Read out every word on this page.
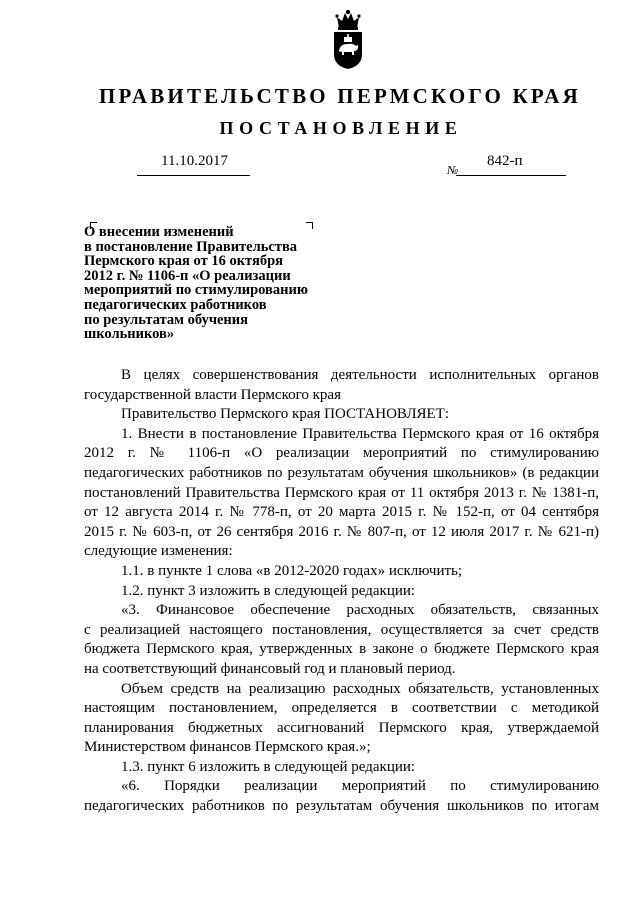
ПРАВИТЕЛЬСТВО ПЕРМСКОГО КРАЯ
ПОСТАНОВЛЕНИЕ
11.10.2017
№
842-п
О внесении изменений
в постановление Правительства
Пермского края от 16 октября
2012 г. № 1106-п «О реализации
мероприятий по стимулированию
педагогических работников
по результатам обучения
школьников»

В целях совершенствования деятельности исполнительных органов

государственной власти Пермского края

Правительство Пермского края ПОСТАНОВЛЯЕТ:

1. Внести в постановление Правительства Пермского края от 16 октября

2012 г. № 1106-п «О реализации мероприятий по стимулированию

педагогических работников по результатам обучения школьников» (в редакции

постановлений Правительства Пермского края от 11 октября 2013 г. № 1381-п,

от 12 августа 2014 г. № 778-п, от 20 марта 2015 г. № 152-п, от 04 сентября

2015 г. № 603-п, от 26 сентября 2016 г. № 807-п, от 12 июля 2017 г. № 621-п)

следующие изменения:

1.1. в пункте 1 слова «в 2012-2020 годах» исключить;

1.2. пункт 3 изложить в следующей редакции:

«3. Финансовое обеспечение расходных обязательств, связанных

с реализацией настоящего постановления, осуществляется за счет средств

бюджета Пермского края, утвержденных в законе о бюджете Пермского края

на соответствующий финансовый год и плановый период.

Объем средств на реализацию расходных обязательств, установленных

настоящим постановлением, определяется в соответствии с методикой

планирования бюджетных ассигнований Пермского края, утверждаемой

Министерством финансов Пермского края.»;

1.3. пункт 6 изложить в следующей редакции:

«6. Порядки реализации мероприятий по стимулированию

педагогических работников по результатам обучения школьников по итогам
